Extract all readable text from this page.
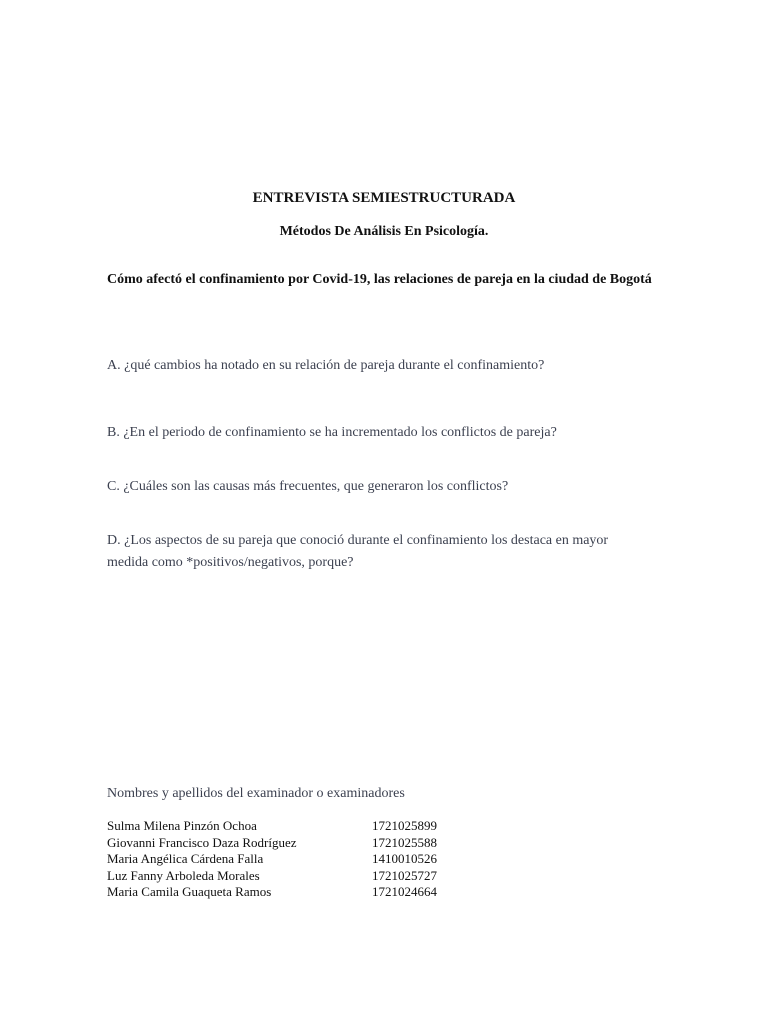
ENTREVISTA SEMIESTRUCTURADA
Métodos De Análisis En Psicología.
Cómo afectó el confinamiento por Covid-19, las relaciones de pareja en la ciudad de Bogotá
A. ¿qué cambios ha notado en su relación de pareja durante el confinamiento?
B. ¿En el periodo de confinamiento se ha incrementado los conflictos de pareja?
C. ¿Cuáles son las causas más frecuentes, que generaron los conflictos?
D. ¿Los aspectos de su pareja que conoció durante el confinamiento los destaca en mayor medida como *positivos/negativos, porque?
Nombres y apellidos del examinador o examinadores
Sulma Milena Pinzón Ochoa	1721025899
Giovanni Francisco Daza Rodríguez	1721025588
Maria Angélica Cárdena Falla	1410010526
Luz Fanny Arboleda Morales	1721025727
Maria Camila Guaqueta Ramos	1721024664
